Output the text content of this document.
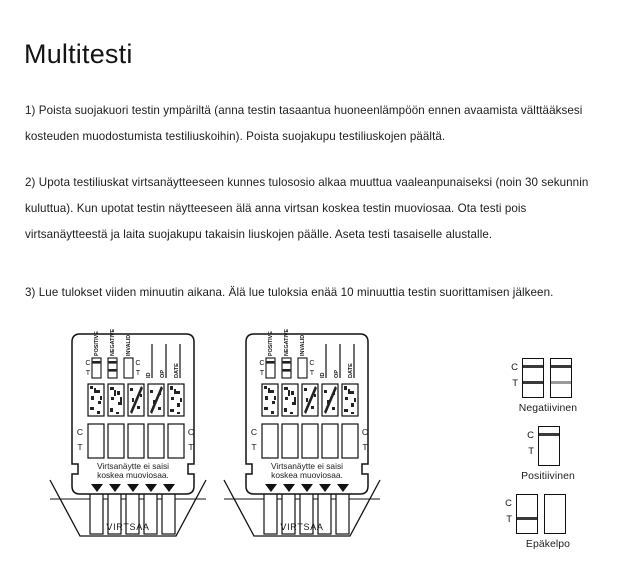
Multitesti

1) Poista suojakuori testin ympäriltä (anna testin tasaantua huoneenlämpöön ennen avaamista välttääksesi kosteuden muodostumista testiliuskoihin). Poista suojakupu testiliuskojen päältä.

2) Upota testiliuskat virtsanäytteeseen kunnes tulososio alkaa muuttua vaaleanpunaiseksi (noin 30 sekunnin kuluttua). Kun upotat testin näytteeseen älä anna virtsan koskea testin muoviosaa. Ota testi pois virtsanäytteestä ja laita suojakupu takaisin liuskojen päälle. Aseta testi tasaiselle alustalle.

3) Lue tulokset viiden minuutin aikana. Älä lue tuloksia enää 10 minuuttia testin suorittamisen jälkeen.

VIRTSAA
Virtsanäytte ei saisi
koskea muoviosaa.
C
T
C
T
C
T
C
T
POSITIVE NEGATIVE INVALID
ID OP DATE
VIRTSAA
Virtsanäytte ei saisi
koskea muoviosaa.
C
T
C
T
C
T
C
T
POSITIVE NEGATIVE INVALID
ID OP DATE	C
T
Negatiivinen
C
T
Positiivinen
C
T
Epäkelpo
